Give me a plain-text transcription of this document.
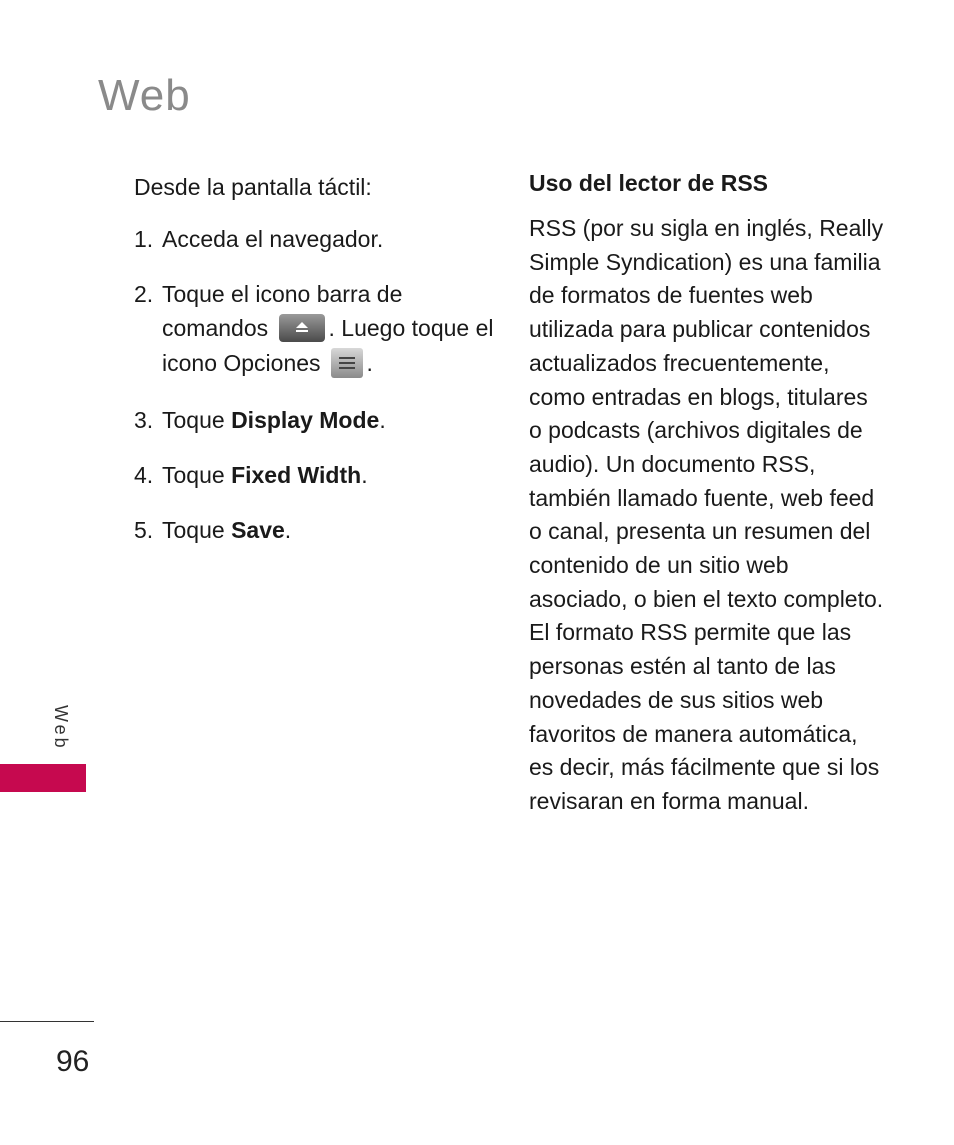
Web

Desde la pantalla táctil:

1. Acceda el navegador.
2. Toque el icono barra de comandos	. Luego toque el icono Opciones .
3. Toque Display Mode.
4. Toque Fixed Width.
5. Toque Save.
Uso del lector de RSS

RSS (por su sigla en inglés, Really Simple Syndication) es una familia de formatos de fuentes web utilizada para publicar contenidos actualizados frecuentemente, como entradas en blogs, titulares o podcasts (archivos digitales de audio). Un documento RSS, también llamado fuente, web feed o canal, presenta un resumen del contenido de un sitio web asociado, o bien el texto completo. El formato RSS permite que las personas estén al tanto de las novedades de sus sitios web favoritos de manera automática, es decir, más fácilmente que si los revisaran en forma manual.

Web
96
